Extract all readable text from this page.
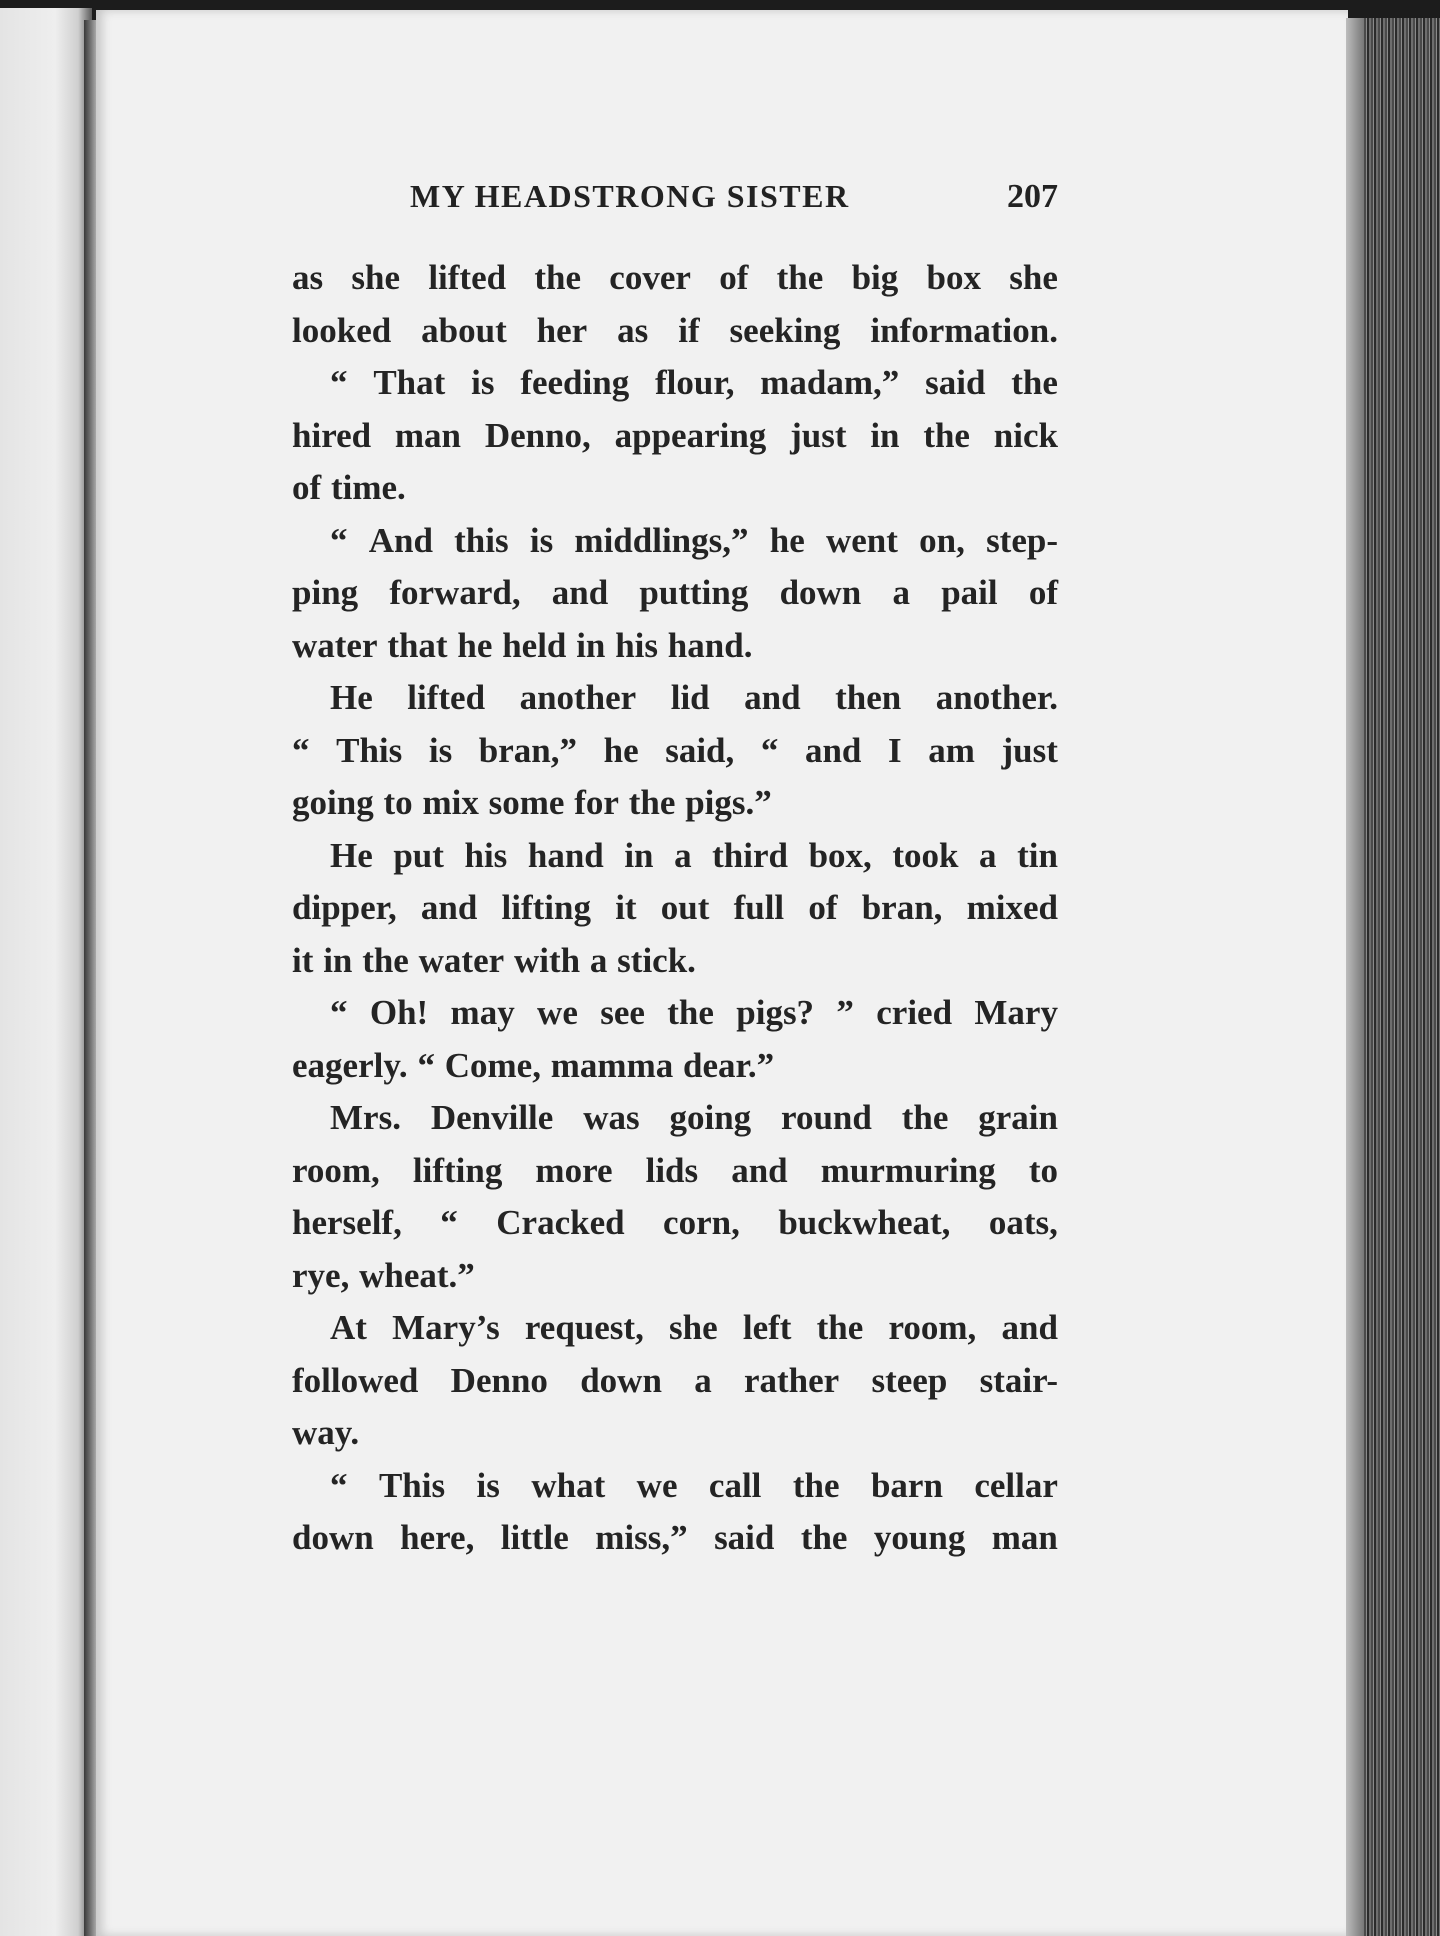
MY HEADSTRONG SISTER	207
as she lifted the cover of the big box she
looked about her as if seeking information.
“ That is feeding flour, madam,” said the
hired man Denno, appearing just in the nick
of time.
“ And this is middlings,” he went on, step-
ping forward, and putting down a pail of
water that he held in his hand.
He lifted another lid and then another.
“ This is bran,” he said, “ and I am just
going to mix some for the pigs.”
He put his hand in a third box, took a tin
dipper, and lifting it out full of bran, mixed
it in the water with a stick.
“ Oh! may we see the pigs? ” cried Mary
eagerly. “ Come, mamma dear.”
Mrs. Denville was going round the grain
room, lifting more lids and murmuring to
herself, “ Cracked corn, buckwheat, oats,
rye, wheat.”
At Mary’s request, she left the room, and
followed Denno down a rather steep stair-
way.
“ This is what we call the barn cellar
down here, little miss,” said the young man
